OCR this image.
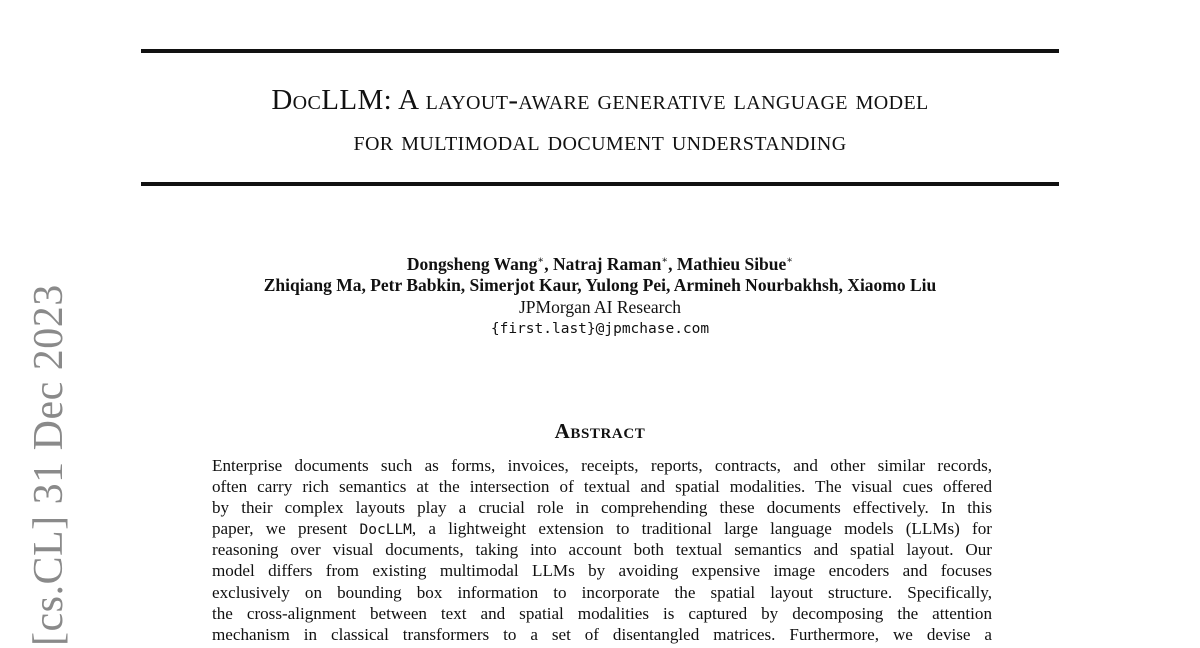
DocLLM: A layout-aware generative language model
for multimodal document understanding
Dongsheng Wang∗, Natraj Raman∗, Mathieu Sibue∗
Zhiqiang Ma, Petr Babkin, Simerjot Kaur, Yulong Pei, Armineh Nourbakhsh, Xiaomo Liu
JPMorgan AI Research
{first.last}@jpmchase.com
Abstract
Enterprise documents such as forms, invoices, receipts, reports, contracts, and other similar records,
often carry rich semantics at the intersection of textual and spatial modalities. The visual cues offered
by their complex layouts play a crucial role in comprehending these documents effectively. In this
paper, we present DocLLM, a lightweight extension to traditional large language models (LLMs) for
reasoning over visual documents, taking into account both textual semantics and spatial layout. Our
model differs from existing multimodal LLMs by avoiding expensive image encoders and focuses
exclusively on bounding box information to incorporate the spatial layout structure. Specifically,
the cross-alignment between text and spatial modalities is captured by decomposing the attention
mechanism in classical transformers to a set of disentangled matrices. Furthermore, we devise a
[cs.CL] 31 Dec 2023
